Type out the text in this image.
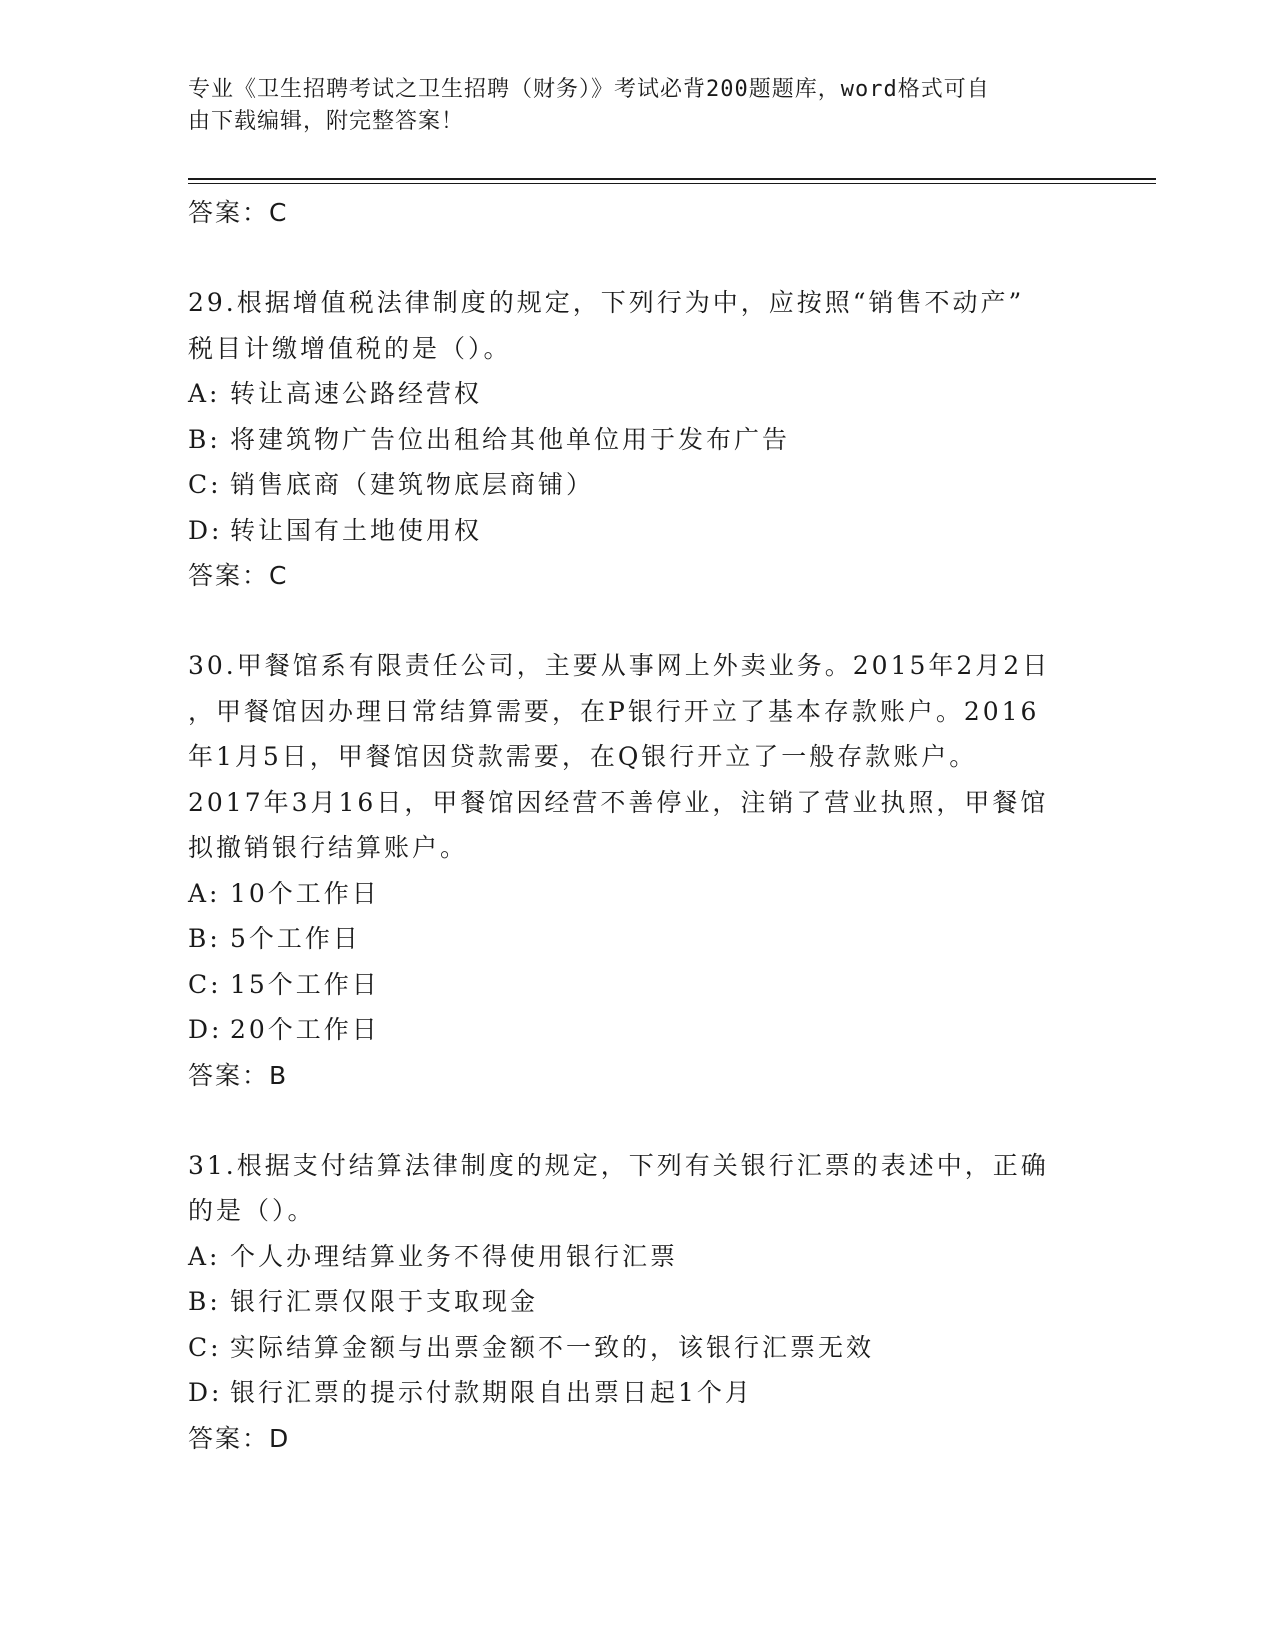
专业《卫生招聘考试之卫生招聘（财务）》考试必背200题题库，word格式可自
由下载编辑，附完整答案！
答案：C
29.根据增值税法律制度的规定，下列行为中，应按照“销售不动产”
税目计缴增值税的是（）。
A: 转让高速公路经营权
B: 将建筑物广告位出租给其他单位用于发布广告
C: 销售底商（建筑物底层商铺）
D: 转让国有土地使用权
答案：C
30.甲餐馆系有限责任公司，主要从事网上外卖业务。2015年2月2日
，甲餐馆因办理日常结算需要，在P银行开立了基本存款账户。2016
年1月5日，甲餐馆因贷款需要，在Q银行开立了一般存款账户。
2017年3月16日，甲餐馆因经营不善停业，注销了营业执照，甲餐馆
拟撤销银行结算账户。
A: 10个工作日
B: 5个工作日
C: 15个工作日
D: 20个工作日
答案：B
31.根据支付结算法律制度的规定，下列有关银行汇票的表述中，正确
的是（）。
A: 个人办理结算业务不得使用银行汇票
B: 银行汇票仅限于支取现金
C: 实际结算金额与出票金额不一致的，该银行汇票无效
D: 银行汇票的提示付款期限自出票日起1个月
答案：D
